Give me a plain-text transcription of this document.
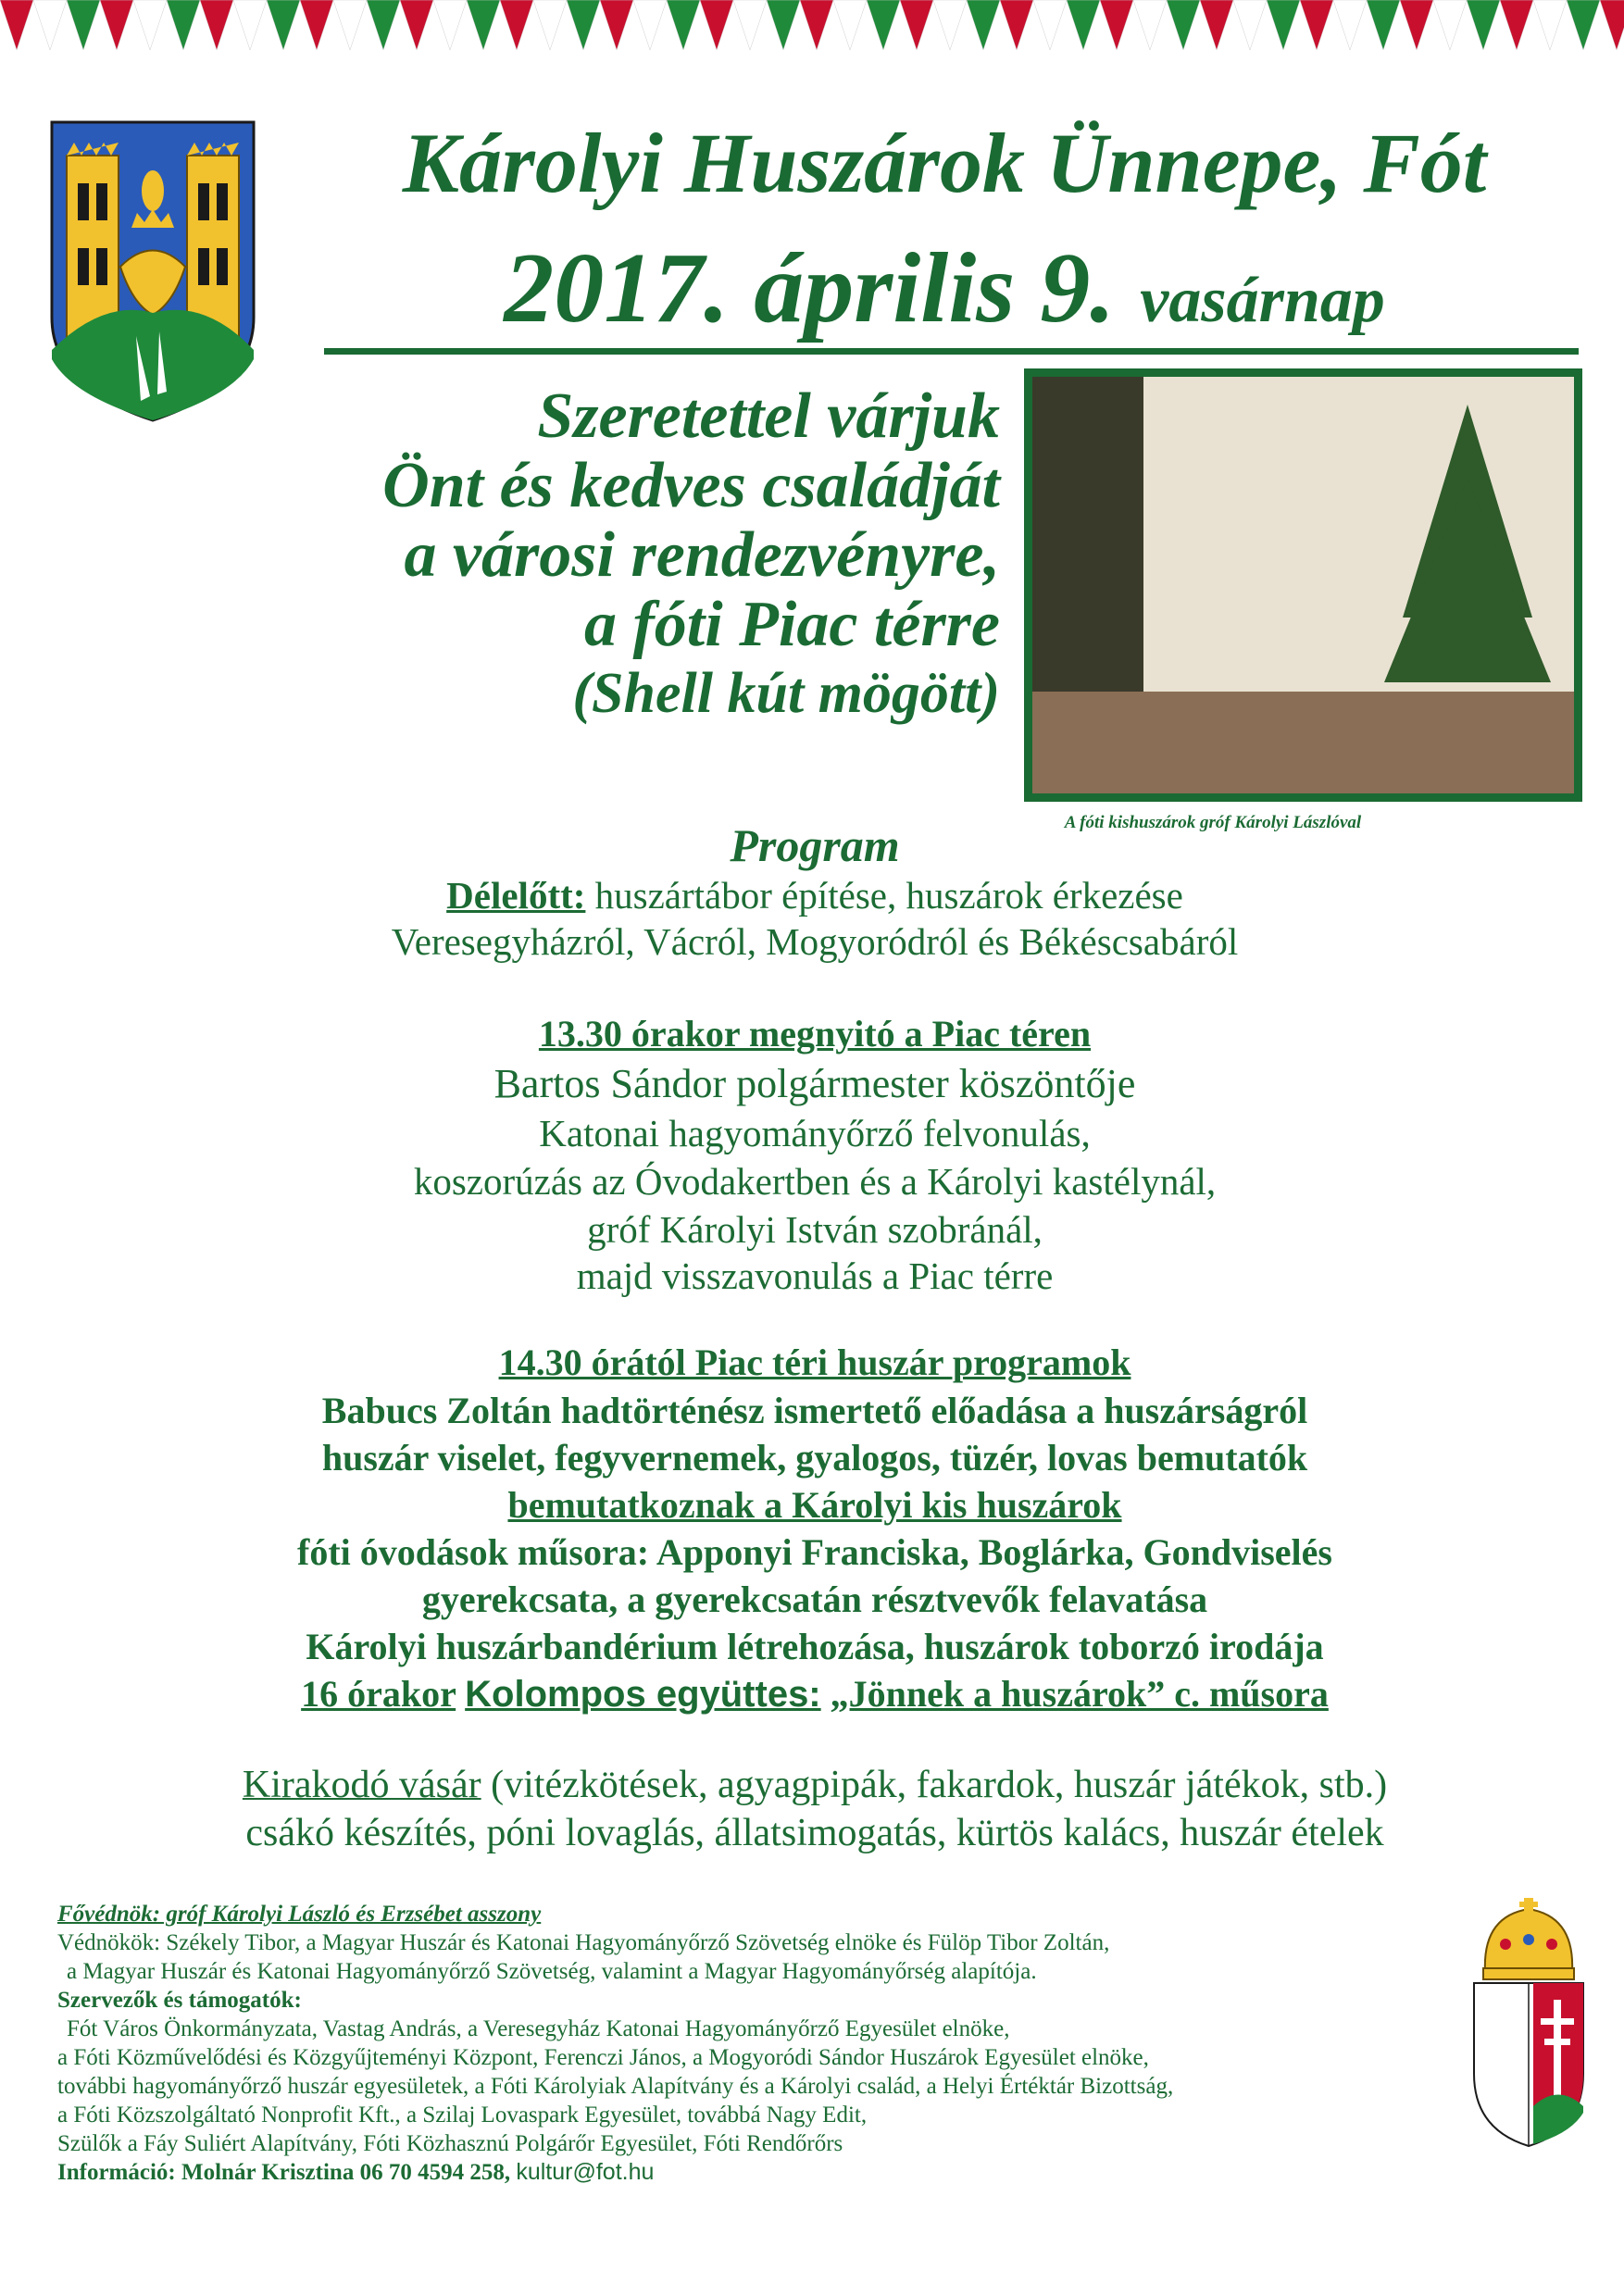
Károlyi Huszárok Ünnepe, Fót
2017. április 9. vasárnap
Szeretettel várjuk
Önt és kedves családját
a városi rendezvényre,
a fóti Piac térre
(Shell kút mögött)
A fóti kishuszárok gróf Károlyi Lászlóval
Program
Délelőtt: huszártábor építése, huszárok érkezése
Veresegyházról, Vácról, Mogyoródról és Békéscsabáról
13.30 órakor megnyitó a Piac téren
Bartos Sándor polgármester köszöntője
Katonai hagyományőrző felvonulás,
koszorúzás az Óvodakertben és a Károlyi kastélynál,
gróf Károlyi István szobránál,
majd visszavonulás a Piac térre
14.30 órától Piac téri huszár programok
Babucs Zoltán hadtörténész ismertető előadása a huszárságról
huszár viselet, fegyvernemek, gyalogos, tüzér, lovas bemutatók
bemutatkoznak a Károlyi kis huszárok
fóti óvodások műsora: Apponyi Franciska, Boglárka, Gondviselés
gyerekcsata, a gyerekcsatán résztvevők felavatása
Károlyi huszárbandérium létrehozása, huszárok toborzó irodája
16 órakor Kolompos együttes: „Jönnek a huszárok” c. műsora
Kirakodó vásár (vitézkötések, agyagpipák, fakardok, huszár játékok, stb.)
csákó készítés, póni lovaglás, állatsimogatás, kürtös kalács, huszár ételek
Fővédnök: gróf Károlyi László és Erzsébet asszony
Védnökök: Székely Tibor, a Magyar Huszár és Katonai Hagyományőrző Szövetség elnöke és Fülöp Tibor Zoltán,
a Magyar Huszár és Katonai Hagyományőrző Szövetség, valamint a Magyar Hagyományőrség alapítója.
Szervezők és támogatók:
Fót Város Önkormányzata, Vastag András, a Veresegyház Katonai Hagyományőrző Egyesület elnöke,
a Fóti Közművelődési és Közgyűjteményi Központ, Ferenczi János, a Mogyoródi Sándor Huszárok Egyesület elnöke,
további hagyományőrző huszár egyesületek, a Fóti Károlyiak Alapítvány és a Károlyi család, a Helyi Értéktár Bizottság,
a Fóti Közszolgáltató Nonprofit Kft., a Szilaj Lovaspark Egyesület, továbbá Nagy Edit,
Szülők a Fáy Suliért Alapítvány, Fóti Közhasznú Polgárőr Egyesület, Fóti Rendőrőrs
Információ: Molnár Krisztina 06 70 4594 258, kultur@fot.hu
